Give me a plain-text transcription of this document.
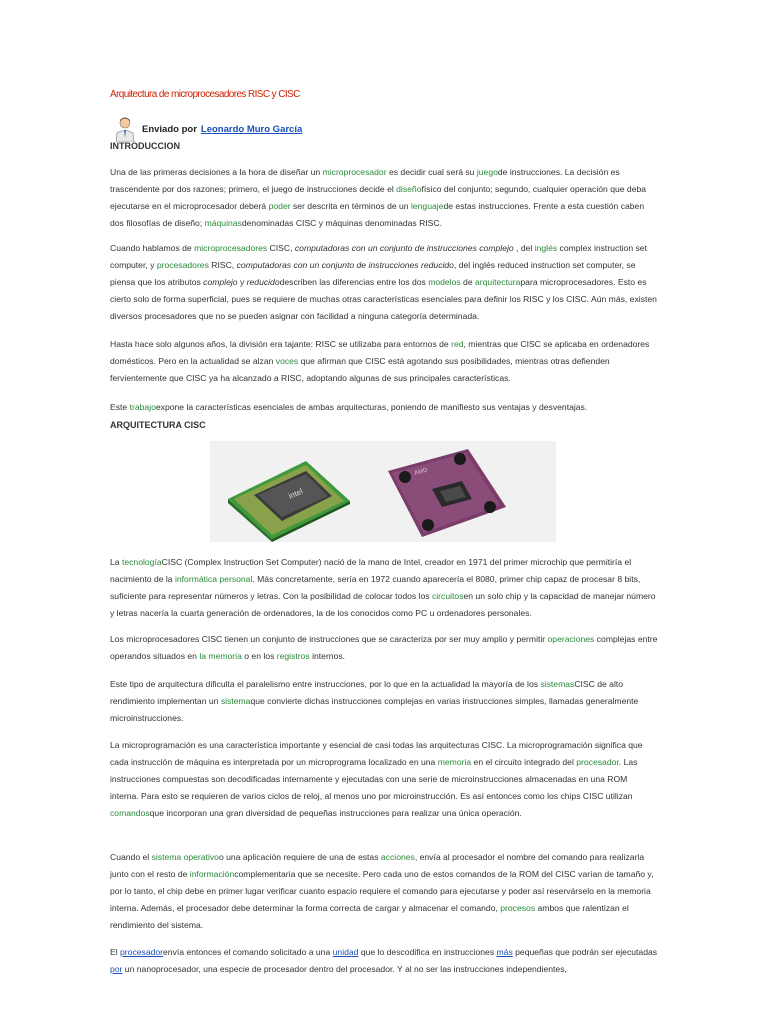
Arquitectura de microprocesadores RISC y CISC
Enviado por Leonardo Muro García
INTRODUCCION

Una de las primeras decisiones a la hora de diseñar un microprocesador es decidir cual será su juegode instrucciones. La decisión es trascendente por dos razones; primero, el juego de instrucciones decide el diseñofísico del conjunto; segundo, cualquier operación que deba ejecutarse en el microprocesador deberá poder ser descrita en términos de un lenguajede estas instrucciones. Frente a esta cuestión caben dos filosofías de diseño; máquinasdenominadas CISC y máquinas denominadas RISC.

Cuando hablamos de microprocesadores CISC, computadoras con un conjunto de instrucciones complejo , del inglés complex instruction set computer, y procesadores RISC, computadoras con un conjunto de instrucciones reducido, del inglés reduced instruction set computer, se piensa que los atributos complejo y reducidodescriben las diferencias entre los dos modelos de arquitecturapara microprocesadores. Esto es cierto solo de forma superficial, pues se requiere de muchas otras características esenciales para definir los RISC y los CISC. Aún más, existen diversos procesadores que no se pueden asignar con facilidad a ninguna categoría determinada.

Hasta hace solo algunos años, la división era tajante: RISC se utilizaba para entornos de red, mientras que CISC se aplicaba en ordenadores domésticos. Pero en la actualidad se alzan voces que afirman que CISC está agotando sus posibilidades, mientras otras defienden fervientemente que CISC ya ha alcanzado a RISC, adoptando algunas de sus principales características.

Este trabajoexpone la características esenciales de ambas arquitecturas, poniendo de manifiesto sus ventajas y desventajas.

ARQUITECTURA CISC
intel
AMD

La tecnologíaCISC (Complex Instruction Set Computer) nació de la mano de Intel, creador en 1971 del primer microchip que permitiría el nacimiento de la informática personal. Más concretamente, sería en 1972 cuando aparecería el 8080, primer chip capaz de procesar 8 bits, suficiente para representar números y letras. Con la posibilidad de colocar todos los circuitosen un solo chip y la capacidad de manejar número y letras nacería la cuarta generación de ordenadores, la de los conocidos como PC u ordenadores personales.

Los microprocesadores CISC tienen un conjunto de instrucciones que se caracteriza por ser muy amplio y permitir operaciones complejas entre operandos situados en la memoria o en los registros internos.

Este tipo de arquitectura dificulta el paralelismo entre instrucciones, por lo que en la actualidad la mayoría de los sistemasCISC de alto rendimiento implementan un sistemaque convierte dichas instrucciones complejas en varias instrucciones simples, llamadas generalmente microinstrucciones.

La microprogramación es una característica importante y esencial de casi todas las arquitecturas CISC. La microprogramación significa que cada instrucción de máquina es interpretada por un microprograma localizado en una memoria en el circuito integrado del procesador. Las instrucciones compuestas son decodificadas internamente y ejecutadas con una serie de microinstrucciones almacenadas en una ROM interna. Para esto se requieren de varios ciclos de reloj, al menos uno por microinstrucción. Es así entonces como los chips CISC utilizan comandosque incorporan una gran diversidad de pequeñas instrucciones para realizar una única operación.

Cuando el sistema operativoo una aplicación requiere de una de estas acciones, envía al procesador el nombre del comando para realizarla junto con el resto de informacióncomplementaria que se necesite. Pero cada uno de estos comandos de la ROM del CISC varían de tamaño y, por lo tanto, el chip debe en primer lugar verificar cuanto espacio requiere el comando para ejecutarse y poder así reservárselo en la memoria interna. Además, el procesador debe determinar la forma correcta de cargar y almacenar el comando, procesos ambos que ralentizan el rendimiento del sistema.

El procesadorenvía entonces el comando solicitado a una unidad que lo descodifica en instrucciones más pequeñas que podrán ser ejecutadas por un nanoprocesador, una especie de procesador dentro del procesador. Y al no ser las instrucciones independientes,
